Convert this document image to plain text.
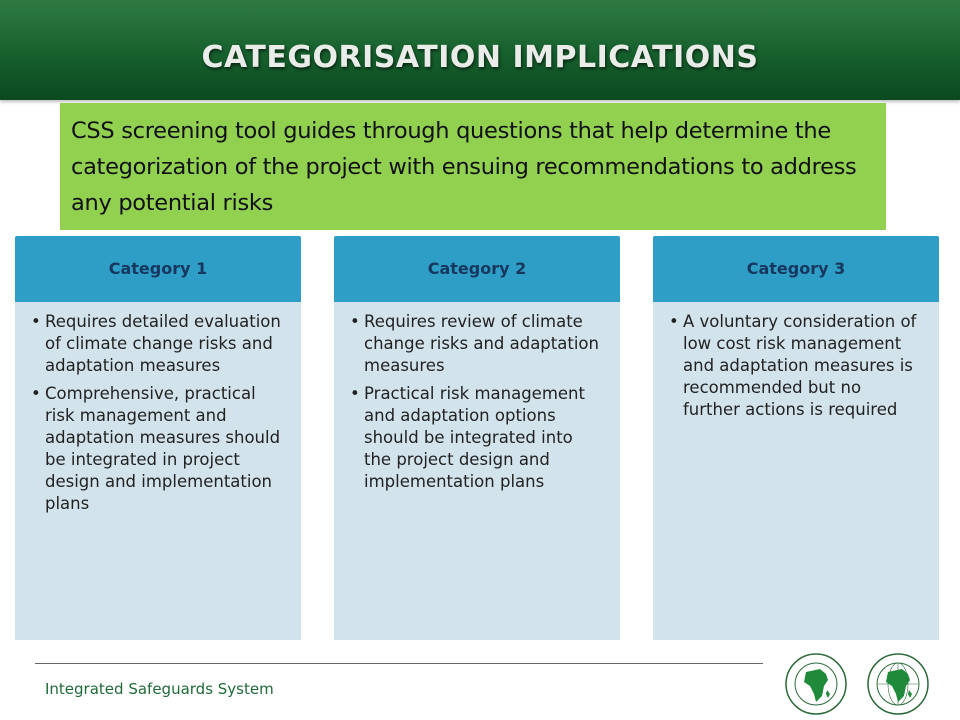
CATEGORISATION IMPLICATIONS
CSS screening tool guides through questions that help determine the categorization of the project with ensuing recommendations to address any potential risks
• Requires detailed evaluation of climate change risks and adaptation measures
• Comprehensive, practical risk management and adaptation measures should be integrated in project design and implementation plans
Category 1
• Requires review of climate change risks and adaptation measures
• Practical risk management and adaptation options should be integrated into the project design and implementation plans
Category 2
• A voluntary consideration of low cost risk management and adaptation measures is recommended but no further actions is required
Category 3
Integrated Safeguards System
